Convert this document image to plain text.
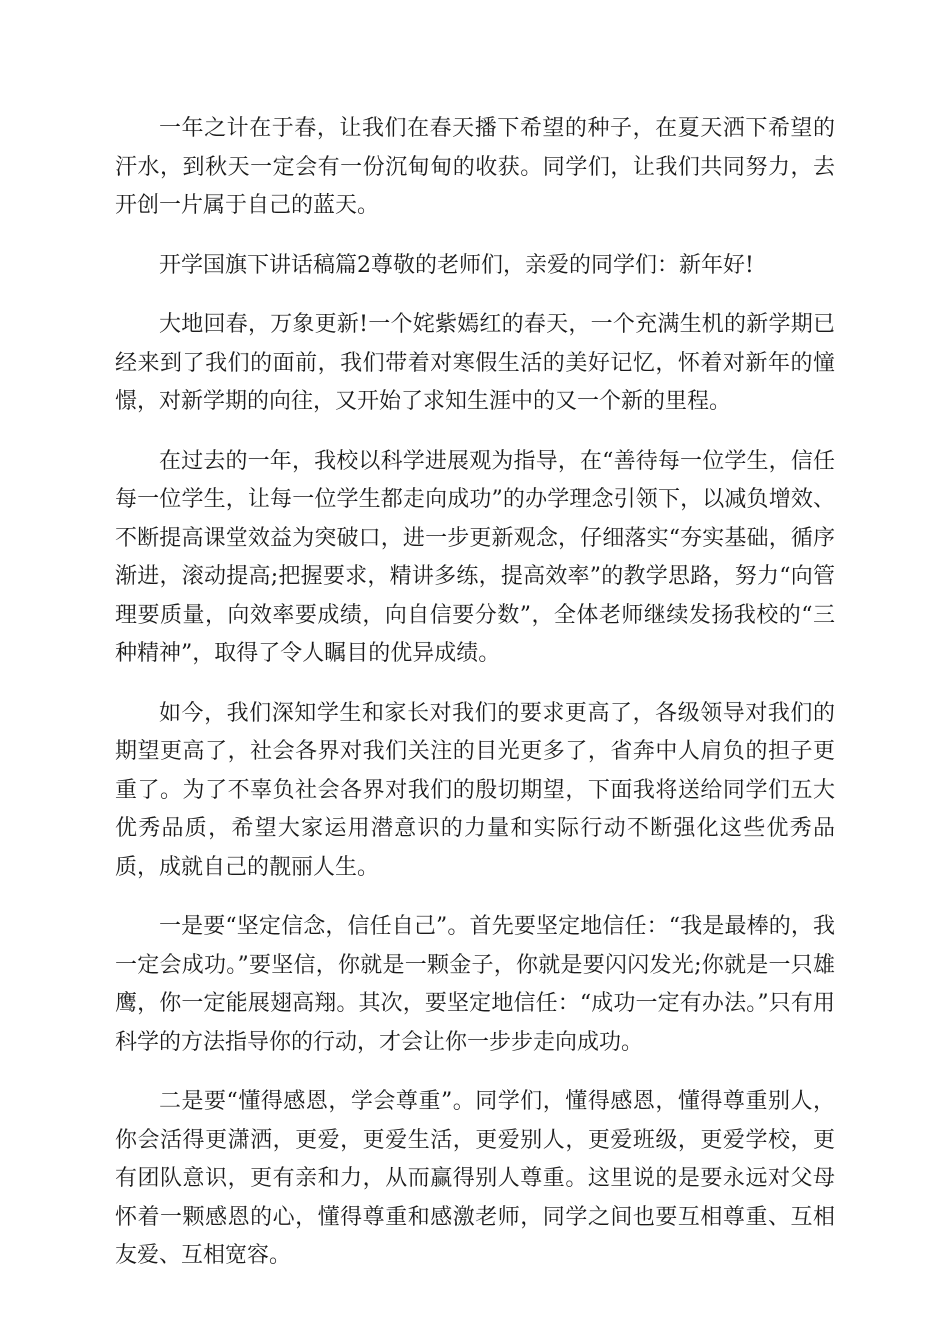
一年之计在于春，让我们在春天播下希望的种子，在夏天洒下希望的汗水，到秋天一定会有一份沉甸甸的收获。同学们，让我们共同努力，去开创一片属于自己的蓝天。

开学国旗下讲话稿篇2尊敬的老师们，亲爱的同学们：新年好!

大地回春，万象更新!一个姹紫嫣红的春天，一个充满生机的新学期已经来到了我们的面前，我们带着对寒假生活的美好记忆，怀着对新年的憧憬，对新学期的向往，又开始了求知生涯中的又一个新的里程。

在过去的一年，我校以科学进展观为指导，在“善待每一位学生，信任每一位学生，让每一位学生都走向成功”的办学理念引领下，以减负增效、不断提高课堂效益为突破口，进一步更新观念，仔细落实“夯实基础，循序渐进，滚动提高;把握要求，精讲多练，提高效率”的教学思路，努力“向管理要质量，向效率要成绩，向自信要分数”，全体老师继续发扬我校的“三种精神”，取得了令人瞩目的优异成绩。

如今，我们深知学生和家长对我们的要求更高了，各级领导对我们的期望更高了，社会各界对我们关注的目光更多了，省奔中人肩负的担子更重了。为了不辜负社会各界对我们的殷切期望，下面我将送给同学们五大优秀品质，希望大家运用潜意识的力量和实际行动不断强化这些优秀品质，成就自己的靓丽人生。

一是要“坚定信念，信任自己”。首先要坚定地信任：“我是最棒的，我一定会成功。”要坚信，你就是一颗金子，你就是要闪闪发光;你就是一只雄鹰，你一定能展翅高翔。其次，要坚定地信任：“成功一定有办法。”只有用科学的方法指导你的行动，才会让你一步步走向成功。

二是要“懂得感恩，学会尊重”。同学们，懂得感恩，懂得尊重别人，你会活得更潇洒，更爱，更爱生活，更爱别人，更爱班级，更爱学校，更有团队意识，更有亲和力，从而赢得别人尊重。这里说的是要永远对父母怀着一颗感恩的心，懂得尊重和感激老师，同学之间也要互相尊重、互相友爱、互相宽容。
